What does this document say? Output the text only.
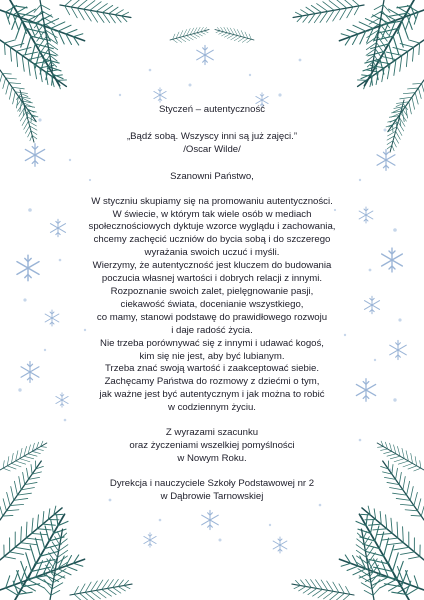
Styczeń – autentyczność

„Bądź sobą. Wszyscy inni są już zajęci.”

/Oscar Wilde/

Szanowni Państwo,

W styczniu skupiamy się na promowaniu autentyczności.

W świecie, w którym tak wiele osób w mediach

społecznościowych dyktuje wzorce wyglądu i zachowania,

chcemy zachęcić uczniów do bycia sobą i do szczerego

wyrażania swoich uczuć i myśli.

Wierzymy, że autentyczność jest kluczem do budowania

poczucia własnej wartości i dobrych relacji z innymi.

Rozpoznanie swoich zalet, pielęgnowanie pasji,

ciekawość świata, docenianie wszystkiego,

co mamy, stanowi podstawę do prawidłowego rozwoju

i daje radość życia.

Nie trzeba porównywać się z innymi i udawać kogoś,

kim się nie jest, aby być lubianym.

Trzeba znać swoją wartość i zaakceptować siebie.

Zachęcamy Państwa do rozmowy z dziećmi o tym,

jak ważne jest być autentycznym i jak można to robić

w codziennym życiu.

Z wyrazami szacunku

oraz życzeniami wszelkiej pomyślności

w Nowym Roku.

Dyrekcja i nauczyciele Szkoły Podstawowej nr 2

w Dąbrowie Tarnowskiej
